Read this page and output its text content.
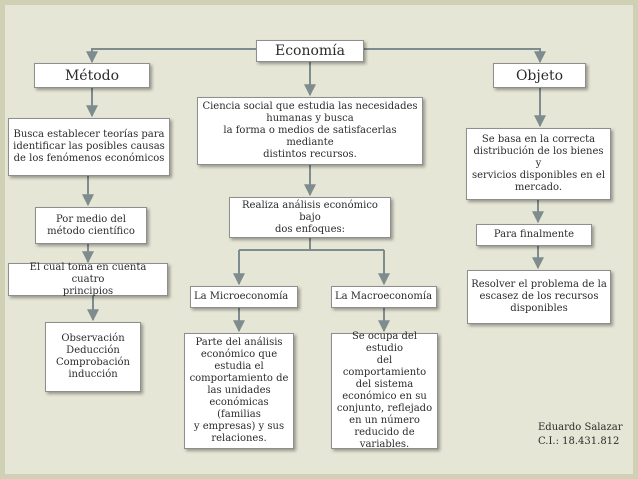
Economía
Método
Busca establecer teorías para
identificar las posibles causas
de los fenómenos económicos
Por medio del
método científico
El cual toma en cuenta cuatro
principios
Observación
Deducción
Comprobación
inducción
Ciencia social que estudia las necesidades
humanas y busca
la forma o medios de satisfacerlas mediante
distintos recursos.
Realiza análisis económico bajo
dos enfoques:
La Microeconomía	La Macroeconomía
Parte del análisis
económico que
estudia el
comportamiento de
las unidades
económicas (familias
y empresas) y sus
relaciones.
Se ocupa del estudio
del comportamiento
del sistema
económico en su
conjunto, reflejado
en un número
reducido de
variables.
Objeto
Se basa en la correcta
distribución de los bienes y
servicios disponibles en el
mercado.
Para finalmente
Resolver el problema de la
escasez de los recursos
disponibles
Eduardo Salazar
C.I.: 18.431.812
